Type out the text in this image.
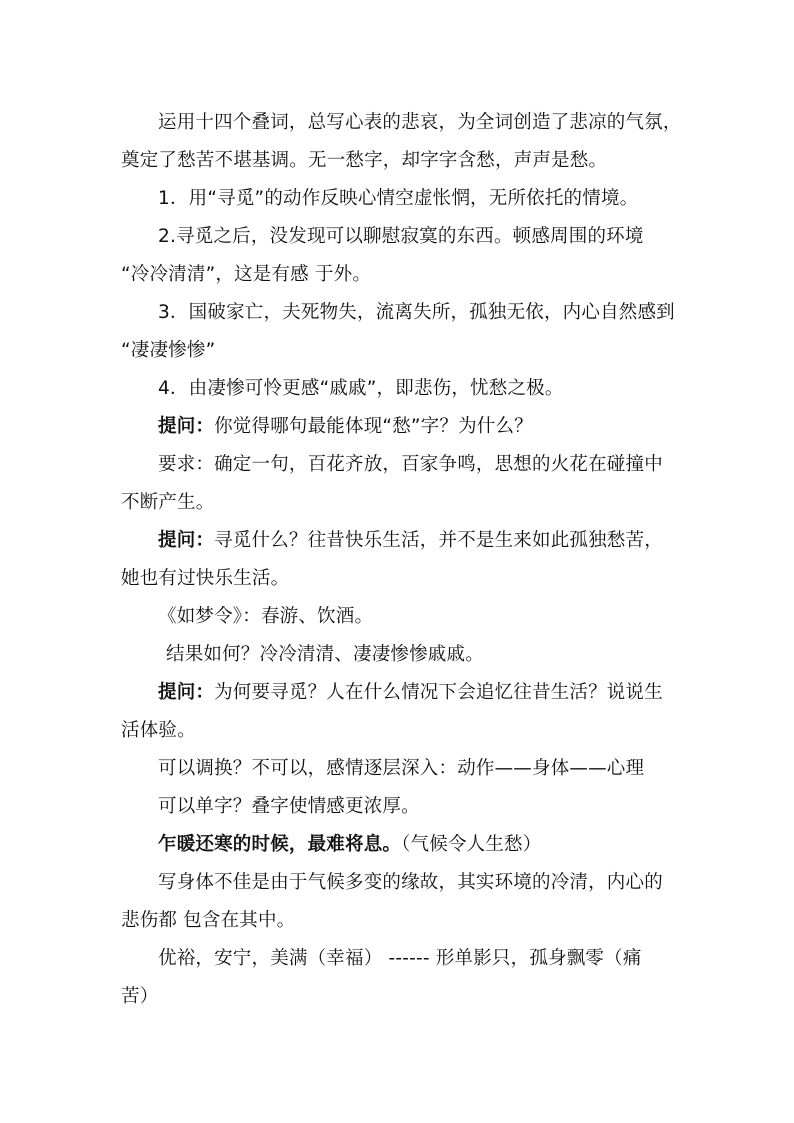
运用十四个叠词，总写心表的悲哀，为全词创造了悲凉的气氛，
奠定了愁苦不堪基调。无一愁字，却字字含愁，声声是愁。
1．用“寻觅”的动作反映心情空虚怅惘，无所依托的情境。
2.寻觅之后，没发现可以聊慰寂寞的东西。顿感周围的环境
“冷冷清清”，这是有感 于外。
3．国破家亡，夫死物失，流离失所，孤独无依，内心自然感到
“凄凄惨惨”
4．由凄惨可怜更感“戚戚”，即悲伤，忧愁之极。
提问：你觉得哪句最能体现“愁”字？为什么？
要求：确定一句，百花齐放，百家争鸣，思想的火花在碰撞中
不断产生。
提问：寻觅什么？往昔快乐生活，并不是生来如此孤独愁苦，
她也有过快乐生活。
《如梦令》：春游、饮酒。
结果如何？冷冷清清、凄凄惨惨戚戚。
提问：为何要寻觅？人在什么情况下会追忆往昔生活？说说生
活体验。
可以调换？不可以，感情逐层深入：动作——身体——心理
可以单字？叠字使情感更浓厚。
乍暖还寒的时候，最难将息。（气候令人生愁）
写身体不佳是由于气候多变的缘故，其实环境的冷清，内心的
悲伤都 包含在其中。
优裕，安宁，美满（幸福） ------ 形单影只，孤身飘零（痛
苦）
